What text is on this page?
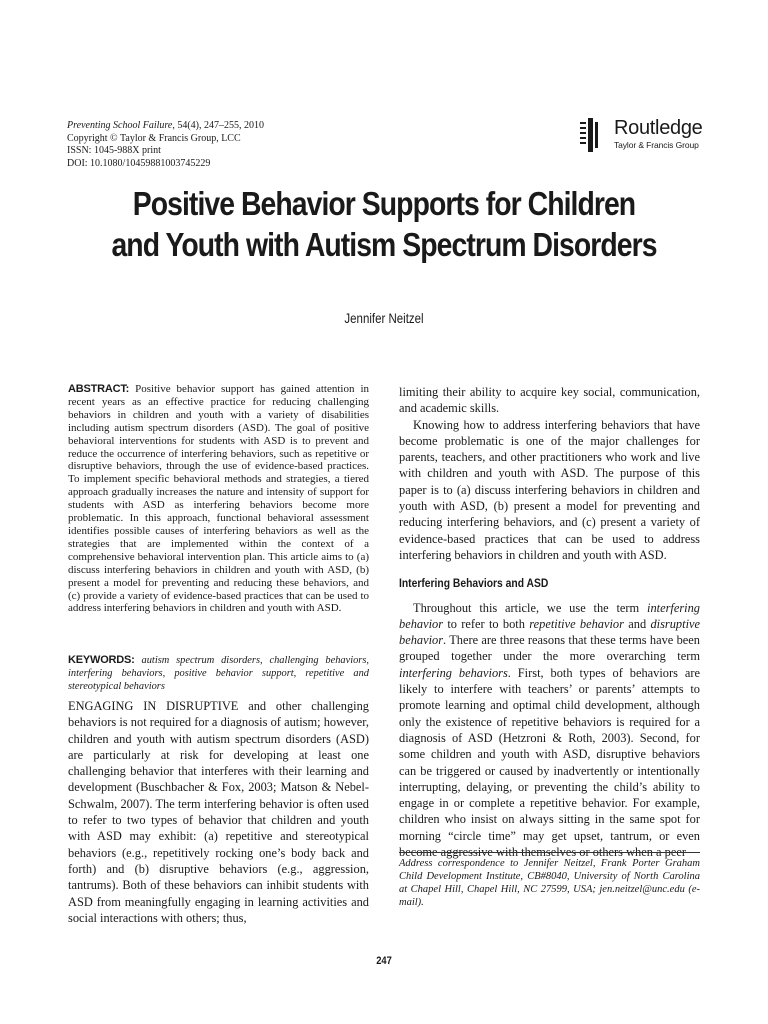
Preventing School Failure, 54(4), 247–255, 2010
Copyright © Taylor & Francis Group, LCC
ISSN: 1045-988X print
DOI: 10.1080/10459881003745229
Routledge
Taylor & Francis Group
Positive Behavior Supports for Children
and Youth with Autism Spectrum Disorders
Jennifer Neitzel
ABSTRACT: Positive behavior support has gained attention in recent years as an effective practice for reducing challenging behaviors in children and youth with a variety of disabilities including autism spectrum disorders (ASD). The goal of positive behavioral interventions for students with ASD is to prevent and reduce the occurrence of interfering behaviors, such as repetitive or disruptive behaviors, through the use of evidence-based practices. To implement specific behavioral methods and strategies, a tiered approach gradually increases the nature and intensity of support for students with ASD as interfering behaviors become more problematic. In this approach, functional behavioral assessment identifies possible causes of interfering behaviors as well as the strategies that are implemented within the context of a comprehensive behavioral intervention plan. This article aims to (a) discuss interfering behaviors in children and youth with ASD, (b) present a model for preventing and reducing these behaviors, and (c) provide a variety of evidence-based practices that can be used to address interfering behaviors in children and youth with ASD.
KEYWORDS: autism spectrum disorders, challenging behaviors, interfering behaviors, positive behavior support, repetitive and stereotypical behaviors

ENGAGING IN DISRUPTIVE and other challenging behaviors is not required for a diagnosis of autism; however, children and youth with autism spectrum disorders (ASD) are particularly at risk for developing at least one challenging behavior that interferes with their learning and development (Buschbacher & Fox, 2003; Matson & Nebel-Schwalm, 2007). The term interfering behavior is often used to refer to two types of behavior that children and youth with ASD may exhibit: (a) repetitive and stereotypical behaviors (e.g., repetitively rocking one’s body back and forth) and (b) disruptive behaviors (e.g., aggression, tantrums). Both of these behaviors can inhibit students with ASD from meaningfully engaging in learning activities and social interactions with others; thus,

limiting their ability to acquire key social, communication, and academic skills.

Knowing how to address interfering behaviors that have become problematic is one of the major challenges for parents, teachers, and other practitioners who work and live with children and youth with ASD. The purpose of this paper is to (a) discuss interfering behaviors in children and youth with ASD, (b) present a model for preventing and reducing interfering behaviors, and (c) present a variety of evidence-based practices that can be used to address interfering behaviors in children and youth with ASD.

Interfering Behaviors and ASD

Throughout this article, we use the term interfering behavior to refer to both repetitive behavior and disruptive behavior. There are three reasons that these terms have been grouped together under the more overarching term interfering behaviors. First, both types of behaviors are likely to interfere with teachers’ or parents’ attempts to promote learning and optimal child development, although only the existence of repetitive behaviors is required for a diagnosis of ASD (Hetzroni & Roth, 2003). Second, for some children and youth with ASD, disruptive behaviors can be triggered or caused by inadvertently or intentionally interrupting, delaying, or preventing the child’s ability to engage in or complete a repetitive behavior. For example, children who insist on always sitting in the same spot for morning “circle time” may get upset, tantrum, or even become aggressive with themselves or others when a peer

Address correspondence to Jennifer Neitzel, Frank Porter Graham Child Development Institute, CB#8040, University of North Carolina at Chapel Hill, Chapel Hill, NC 27599, USA; jen.neitzel@unc.edu (e-mail).
247
